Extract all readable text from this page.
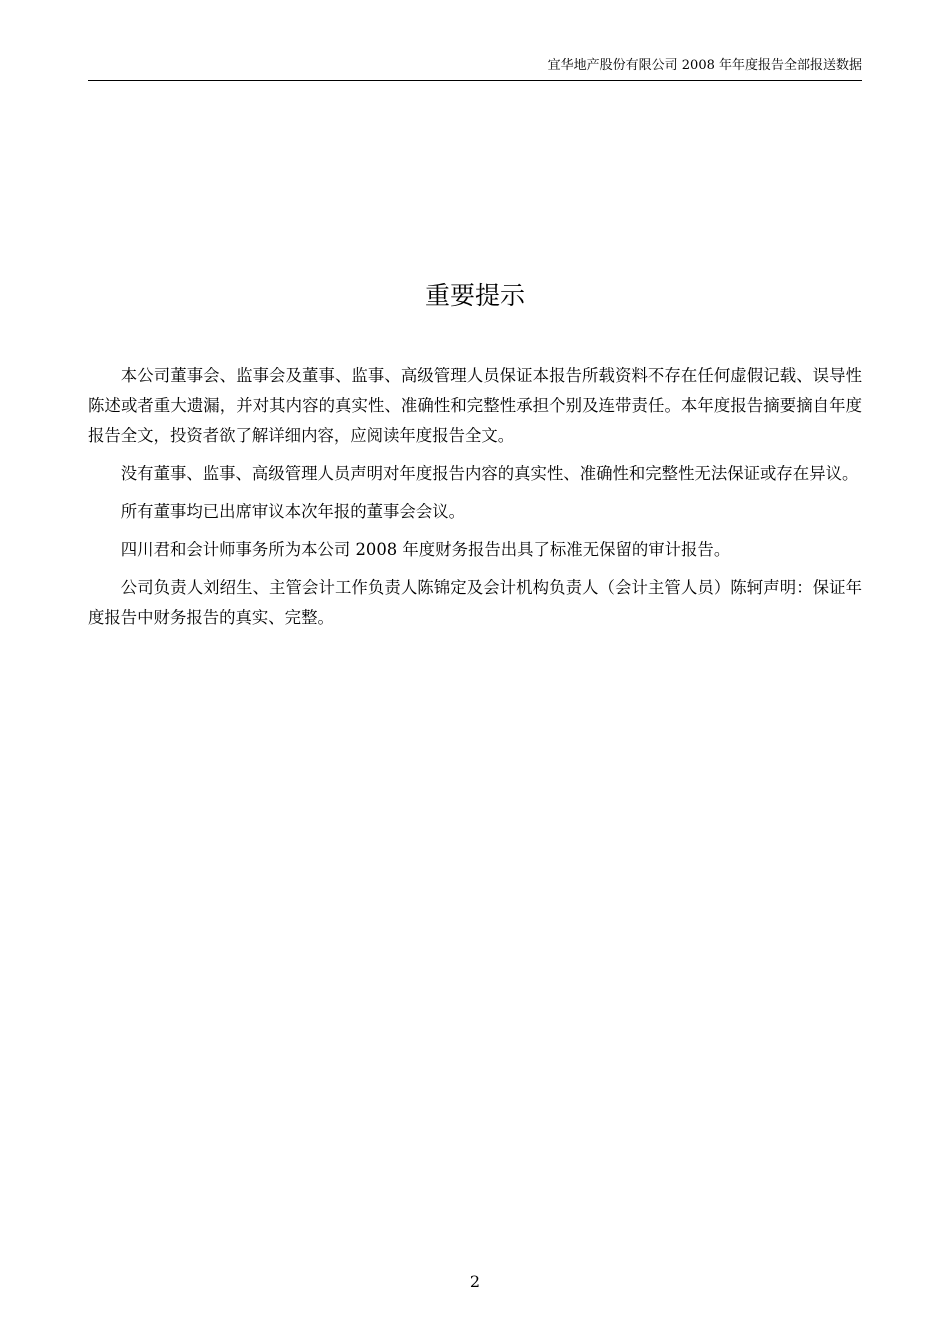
宜华地产股份有限公司 2008 年年度报告全部报送数据
重要提示

本公司董事会、监事会及董事、监事、高级管理人员保证本报告所载资料不存在任何虚假记载、误导性陈述或者重大遗漏，并对其内容的真实性、准确性和完整性承担个别及连带责任。本年度报告摘要摘自年度报告全文，投资者欲了解详细内容，应阅读年度报告全文。

没有董事、监事、高级管理人员声明对年度报告内容的真实性、准确性和完整性无法保证或存在异议。

所有董事均已出席审议本次年报的董事会会议。

四川君和会计师事务所为本公司 2008 年度财务报告出具了标准无保留的审计报告。

公司负责人刘绍生、主管会计工作负责人陈锦定及会计机构负责人（会计主管人员）陈轲声明：保证年度报告中财务报告的真实、完整。

2
